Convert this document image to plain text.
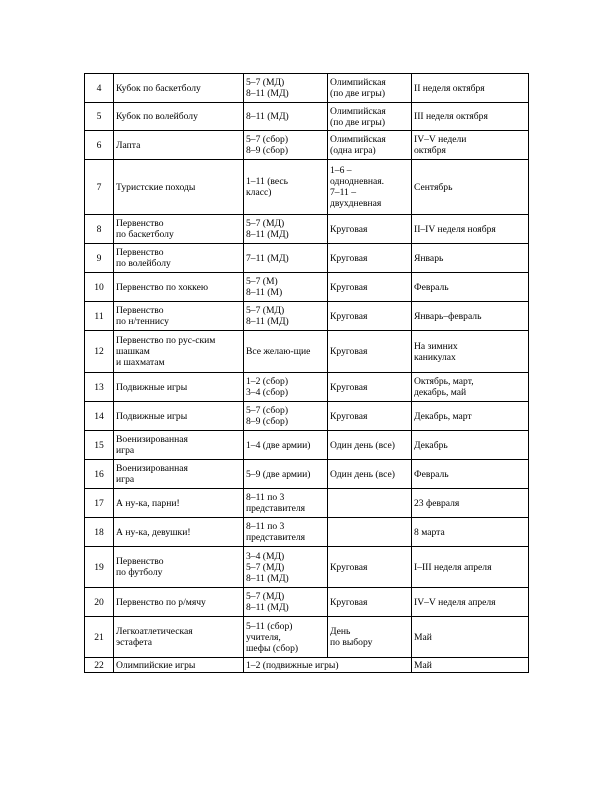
4	Кубок по баскетболу	5–7 (МД)
8–11 (МД)	Олимпийская
(по две игры)	II неделя октября
5	Кубок по волейболу	8–11 (МД)	Олимпийская
(по две игры)	III неделя октября
6	Лапта	5–7 (сбор)
8–9 (сбор)	Олимпийская
(одна игра)	IV–V недели
октября
7	Туристские походы	1–11 (весь
класс)	1–6 –
однодневная.
7–11 –
двухдневная	Сентябрь
8	Первенство
по баскетболу	5–7 (МД)
8–11 (МД)	Круговая	II–IV неделя ноября
9	Первенство
по волейболу	7–11 (МД)	Круговая	Январь
10	Первенство по хоккею	5–7 (М)
8–11 (М)	Круговая	Февраль
11	Первенство
по н/теннису	5–7 (МД)
8–11 (МД)	Круговая	Январь–февраль
12	Первенство по рус-ским шашкам
и шахматам	Все желаю-щие	Круговая	На зимних
каникулах
13	Подвижные игры	1–2 (сбор)
3–4 (сбор)	Круговая	Октябрь, март,
декабрь, май
14	Подвижные игры	5–7 (сбор)
8–9 (сбор)	Круговая	Декабрь, март
15	Военизированная
игра	1–4 (две армии)	Один день (все)	Декабрь
16	Военизированная
игра	5–9 (две армии)	Один день (все)	Февраль
17	А ну-ка, парни!	8–11 по 3
представителя		23 февраля
18	А ну-ка, девушки!	8–11 по 3
представителя		8 марта
19	Первенство
по футболу	3–4 (МД)
5–7 (МД)
8–11 (МД)	Круговая	I–III неделя апреля
20	Первенство по р/мячу	5–7 (МД)
8–11 (МД)	Круговая	IV–V неделя апреля
21	Легкоатлетическая
эстафета	5–11 (сбор)
учителя,
шефы (сбор)	День
по выбору	Май
22	Олимпийские игры	1–2 (подвижные игры)		Май
